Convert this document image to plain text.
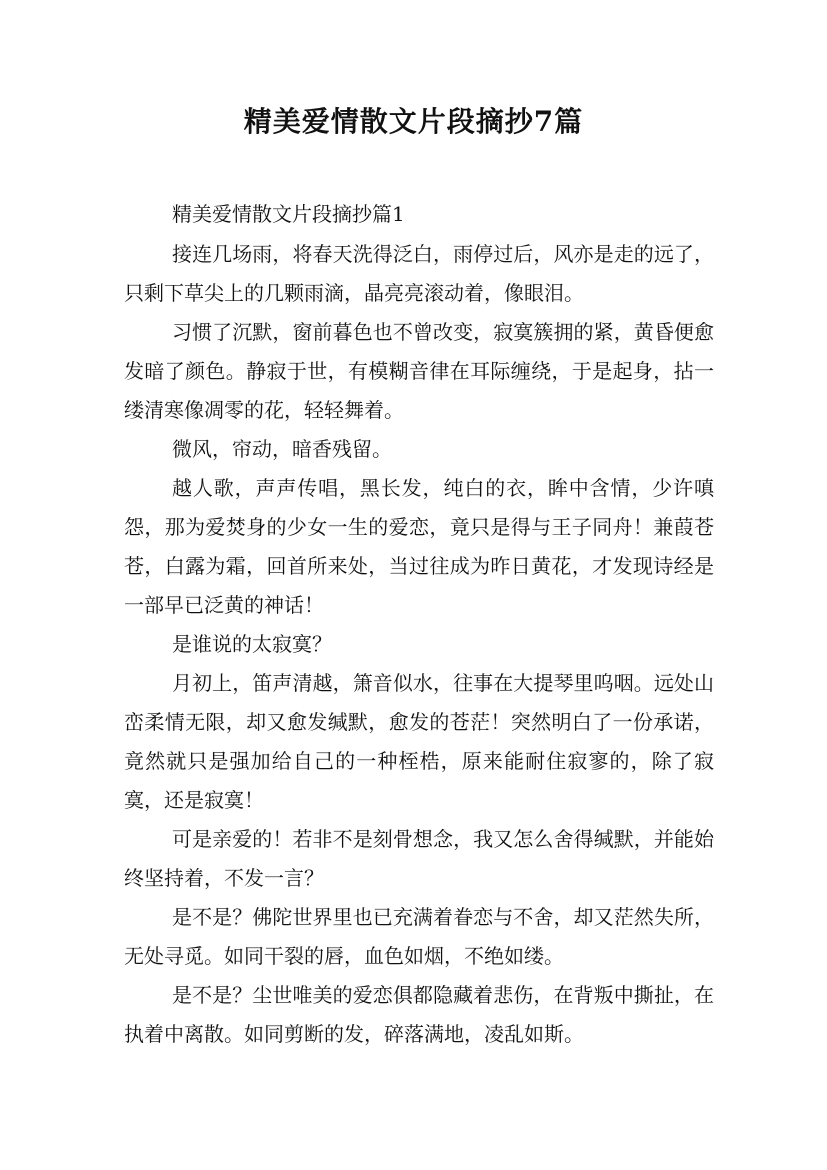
精美爱情散文片段摘抄7篇
精美爱情散文片段摘抄篇1

接连几场雨，将春天洗得泛白，雨停过后，风亦是走的远了，只剩下草尖上的几颗雨滴，晶亮亮滚动着，像眼泪。

习惯了沉默，窗前暮色也不曾改变，寂寞簇拥的紧，黄昏便愈发暗了颜色。静寂于世，有模糊音律在耳际缠绕，于是起身，拈一缕清寒像凋零的花，轻轻舞着。

微风，帘动，暗香残留。

越人歌，声声传唱，黑长发，纯白的衣，眸中含情，少许嗔怨，那为爱焚身的少女一生的爱恋，竟只是得与王子同舟！兼葭苍苍，白露为霜，回首所来处，当过往成为昨日黄花，才发现诗经是一部早已泛黄的神话！

是谁说的太寂寞？

月初上，笛声清越，箫音似水，往事在大提琴里呜咽。远处山峦柔情无限，却又愈发缄默，愈发的苍茫！突然明白了一份承诺，竟然就只是强加给自己的一种桎梏，原来能耐住寂寥的，除了寂寞，还是寂寞！

可是亲爱的！若非不是刻骨想念，我又怎么舍得缄默，并能始终坚持着，不发一言？

是不是？佛陀世界里也已充满着眷恋与不舍，却又茫然失所，无处寻觅。如同干裂的唇，血色如烟，不绝如缕。

是不是？尘世唯美的爱恋俱都隐藏着悲伤，在背叛中撕扯，在执着中离散。如同剪断的发，碎落满地，凌乱如斯。
